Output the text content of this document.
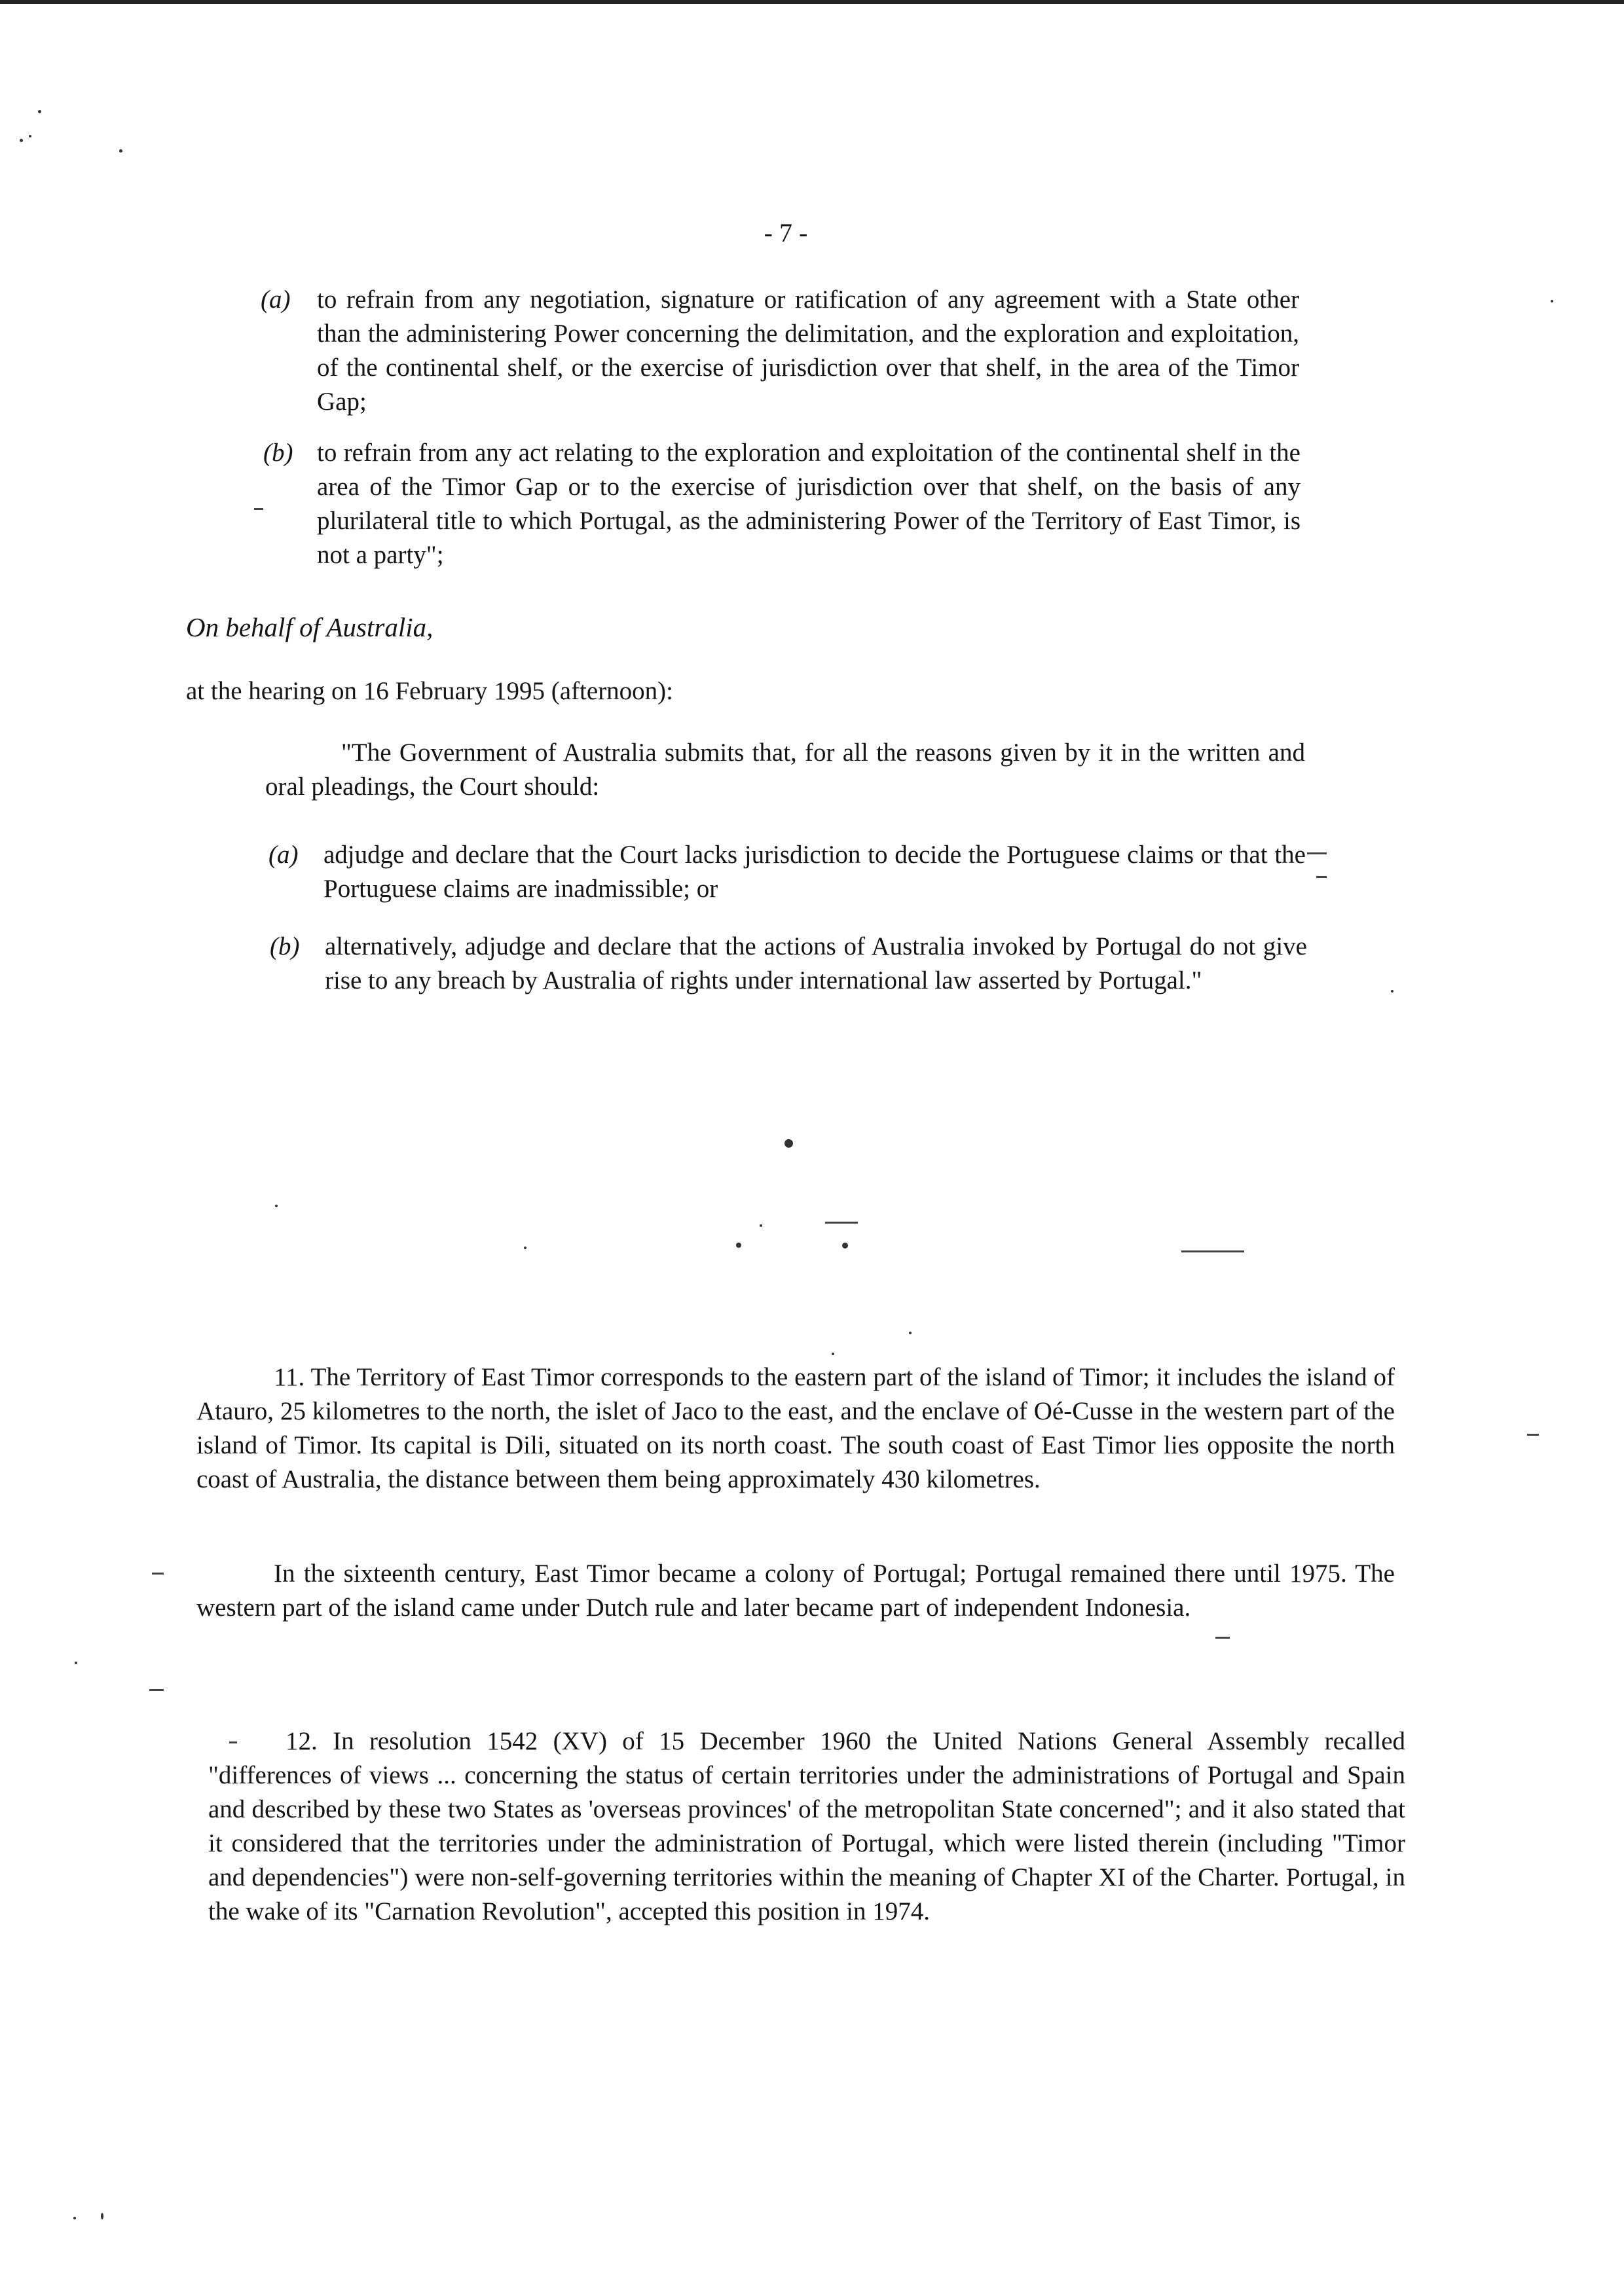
- 7 -
(a) to refrain from any negotiation, signature or ratification of any agreement with a State other than the administering Power concerning the delimitation, and the exploration and exploitation, of the continental shelf, or the exercise of jurisdiction over that shelf, in the area of the Timor Gap;
(b) to refrain from any act relating to the exploration and exploitation of the continental shelf in the area of the Timor Gap or to the exercise of jurisdiction over that shelf, on the basis of any plurilateral title to which Portugal, as the administering Power of the Territory of East Timor, is not a party";
On behalf of Australia,
at the hearing on 16 February 1995 (afternoon):
"The Government of Australia submits that, for all the reasons given by it in the written and oral pleadings, the Court should:
(a) adjudge and declare that the Court lacks jurisdiction to decide the Portuguese claims or that the Portuguese claims are inadmissible; or
(b) alternatively, adjudge and declare that the actions of Australia invoked by Portugal do not give rise to any breach by Australia of rights under international law asserted by Portugal."
11. The Territory of East Timor corresponds to the eastern part of the island of Timor; it includes the island of Atauro, 25 kilometres to the north, the islet of Jaco to the east, and the enclave of Oé-Cusse in the western part of the island of Timor. Its capital is Dili, situated on its north coast. The south coast of East Timor lies opposite the north coast of Australia, the distance between them being approximately 430 kilometres.
In the sixteenth century, East Timor became a colony of Portugal; Portugal remained there until 1975. The western part of the island came under Dutch rule and later became part of independent Indonesia.
12. In resolution 1542 (XV) of 15 December 1960 the United Nations General Assembly recalled "differences of views ... concerning the status of certain territories under the administrations of Portugal and Spain and described by these two States as 'overseas provinces' of the metropolitan State concerned"; and it also stated that it considered that the territories under the administration of Portugal, which were listed therein (including "Timor and dependencies") were non-self-governing territories within the meaning of Chapter XI of the Charter. Portugal, in the wake of its "Carnation Revolution", accepted this position in 1974.
